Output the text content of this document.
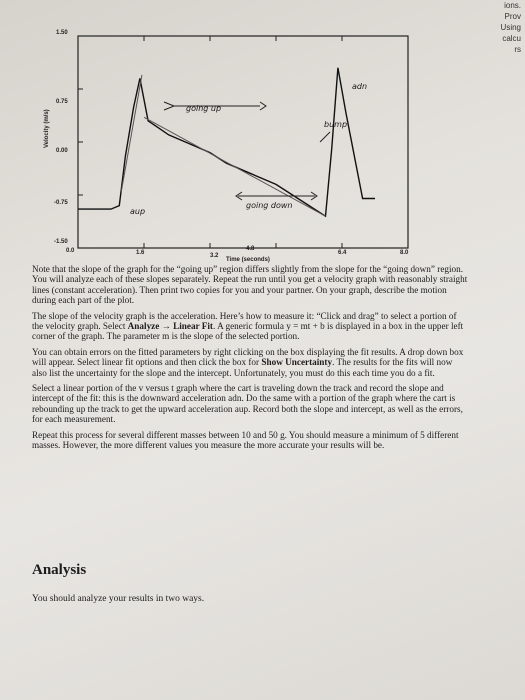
ions.
Prov
Using
calcu
rs
Velocity (m/s)
1.50
0.75
0.00
-0.75
-1.50
0.0	1.6	3.2
4.8
6.4	8.0
Time (seconds)
going up
going down
bump
adn
aup

Note that the slope of the graph for the “going up” region differs slightly from the slope for the “going down” region. You will analyze each of these slopes separately. Repeat the run until you get a velocity graph with reasonably straight lines (constant acceleration). Then print two copies for you and your partner. On your graph, describe the motion during each part of the plot.

The slope of the velocity graph is the acceleration. Here’s how to measure it: “Click and drag” to select a portion of the velocity graph. Select Analyze → Linear Fit. A generic formula y = mt + b is displayed in a box in the upper left corner of the graph. The parameter m is the slope of the selected portion.

You can obtain errors on the fitted parameters by right clicking on the box displaying the fit results. A drop down box will appear. Select linear fit options and then click the box for Show Uncertainty. The results for the fits will now also list the uncertainty for the slope and the intercept. Unfortunately, you must do this each time you do a fit.

Select a linear portion of the v versus t graph where the cart is traveling down the track and record the slope and intercept of the fit: this is the downward acceleration adn. Do the same with a portion of the graph where the cart is rebounding up the track to get the upward acceleration aup. Record both the slope and intercept, as well as the errors, for each measurement.

Repeat this process for several different masses between 10 and 50 g. You should measure a minimum of 5 different masses. However, the more different values you measure the more accurate your results will be.

Analysis
You should analyze your results in two ways.
